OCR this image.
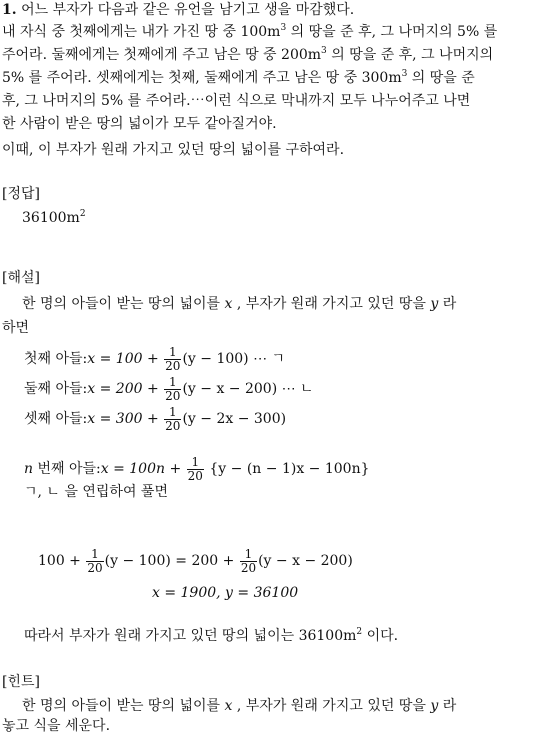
1. 어느 부자가 다음과 같은 유언을 남기고 생을 마감했다.
내 자식 중 첫째에게는 내가 가진 땅 중 $100m^3$ 의 땅을 준 후, 그 나머지의 5% 를
주어라. 둘째에게는 첫째에게 주고 남은 땅 중 $200m^3$ 의 땅을 준 후, 그 나머지의
5% 를 주어라. 셋째에게는 첫째, 둘째에게 주고 남은 땅 중 $300m^3$ 의 땅을 준
후, 그 나머지의 5% 를 주어라.⋯이런 식으로 막내까지 모두 나누어주고 나면
한 사람이 받은 땅의 넓이가 모두 같아질거야.
이때, 이 부자가 원래 가지고 있던 땅의 넓이를 구하여라.
[정답]
$36100m^2$
[해설]
한 명의 아들이 받는 땅의 넓이를 x , 부자가 원래 가지고 있던 땅을 y 라
하면
첫째 아들:x = $100 + \frac{1}{20} (y - 100)$ ⋯ ㄱ
둘째 아들:x = $200 + \frac{1}{20} (y - x - 200)$ ⋯ ㄴ
셋째 아들:x = $300 + \frac{1}{20} (y - 2x - 300)$
n 번째 아들:x = $100n + \frac{1}{20} \{y - (n - 1)x - 100n\}$
ㄱ, ㄴ 을 연립하여 풀면
$100 + \frac{1}{20} (y - 100) = 200 + \frac{1}{20} (y - x - 200)$
x = 1900, y = 36100
따라서 부자가 원래 가지고 있던 땅의 넓이는 $36100m^2$ 이다.
[힌트]
한 명의 아들이 받는 땅의 넓이를 x , 부자가 원래 가지고 있던 땅을 y 라
놓고 식을 세운다.
